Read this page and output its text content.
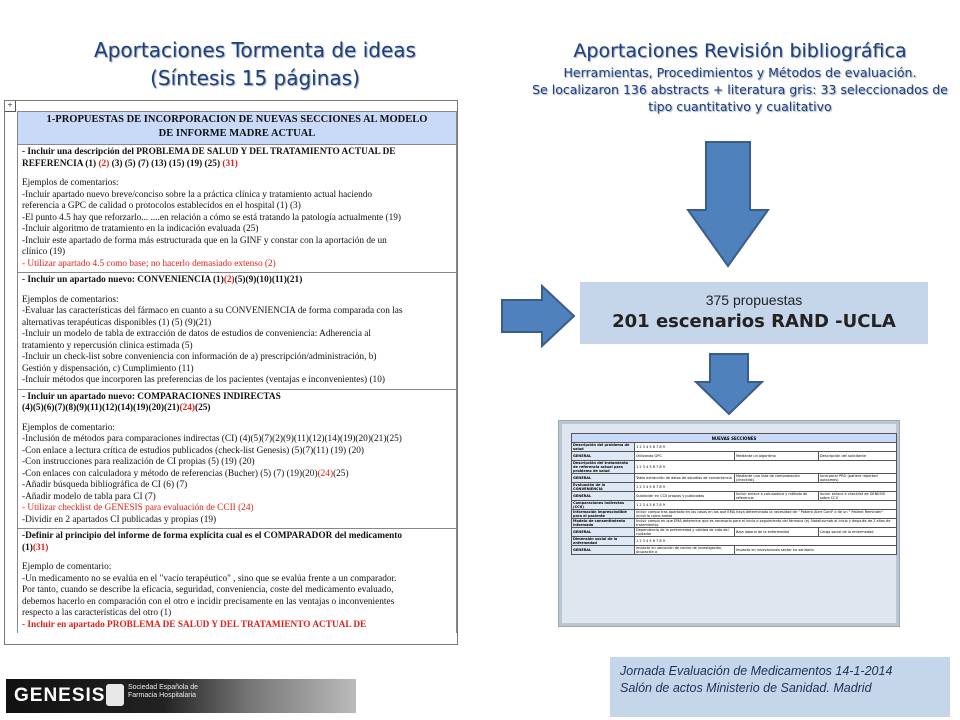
Aportaciones Tormenta de ideas
(Síntesis 15 páginas)
Aportaciones Revisión bibliográfica
Herramientas, Procedimientos y Métodos de evaluación.
Se localizaron 136 abstracts + literatura gris: 33 seleccionados de
tipo cuantitativo y cualitativo
+
1-PROPUESTAS DE INCORPORACION DE NUEVAS SECCIONES AL MODELO
DE INFORME MADRE ACTUAL
- Incluir una descripción del PROBLEMA DE SALUD Y DEL TRATAMIENTO ACTUAL DE
REFERENCIA (1) (2) (3) (5) (7) (13) (15) (19) (25) (31)
Ejemplos de comentarios:
-Incluir apartado nuevo breve/conciso sobre la a práctica clínica y tratamiento actual haciendo
referencia a GPC de calidad o protocolos establecidos en el hospital (1) (3)
-El punto 4.5 hay que reforzarlo... ....en relación a cómo se está tratando la patología actualmente (19)
-Incluir algoritmo de tratamiento en la indicación evaluada (25)
-Incluir este apartado de forma más estructurada que en la GINF y constar con la aportación de un
clínico (19)
- Utilizar apartado 4.5 como base; no hacerlo demasiado extenso (2)
- Incluir un apartado nuevo: CONVENIENCIA (1)(2)(5)(9)(10)(11)(21)
Ejemplos de comentarios:
-Evaluar las características del fármaco en cuanto a su CONVENIENCIA de forma comparada con las
alternativas terapéuticas disponibles (1) (5) (9)(21)
-Incluir un modelo de tabla de extracción de datos de estudios de conveniencia: Adherencia al
tratamiento y repercusión clínica estimada (5)
-Incluir un check-list sobre conveniencia con información de a) prescripción/administración, b)
Gestión y dispensación, c) Cumplimiento (11)
-Incluir métodos que incorporen las preferencias de los pacientes (ventajas e inconvenientes) (10)
- Incluir un apartado nuevo: COMPARACIONES INDIRECTAS
(4)(5)(6)(7)(8)(9)(11)(12)(14)(19)(20)(21)(24)(25)
Ejemplos de comentario:
-Inclusión de métodos para comparaciones indirectas (CI) (4)(5)(7)(2)(9)(11)(12)(14)(19)(20)(21)(25)
-Con enlace a lectura crítica de estudios publicados (check-list Genesis) (5)(7)(11) (19) (20)
-Con instrucciones para realización de CI propias (5) (19) (20)
-Con enlaces con calculadora y método de referencias (Bucher) (5) (7) (19)(20)(24)(25)
-Añadir búsqueda bibliográfica de CI (6) (7)
-Añadir modelo de tabla para CI (7)
- Utilizar checklist de GENESIS para evaluación de CCII (24)
-Dividir en 2 apartados CI publicadas y propias (19)
-Definir al principio del informe de forma explícita cual es el COMPARADOR del medicamento
(1)(31)
Ejemplo de comentario:
-Un medicamento no se evalúa en el "vacío terapéutico" , sino que se evalúa frente a un comparador.
Por tanto, cuando se describe la eficacia, seguridad, conveniencia, coste del medicamento evaluado,
debemos hacerlo en comparación con el otro e incidir precisamente en las ventajas o inconvenientes
respecto a las características del otro (1)
- Incluir en apartado PROBLEMA DE SALUD Y DEL TRATAMIENTO ACTUAL DE
375 propuestas
201 escenarios RAND -UCLA
NUEVAS SECCIONES			
Descripción del problema de salud	1 2 3 4 5 6 7 8 9		
GENERAL	Utilizando GPC	Mediante un algoritmo	Descripción del solicitante
Descripción del tratamiento de referencia actual para problema de salud	1 2 3 4 5 6 7 8 9		
GENERAL	Tabla extracción de datos de estudios de conveniencia	Mediante una lista de comprobación (checklist)	Incorporar PRO (patient reported outcomes)
Evaluación de la CONVENIENCIA	1 2 3 4 5 6 7 8 9		
GENERAL	Subdividir en CCII propias y publicadas	Incluir enlace a calculadora y método de referencia	Incluir enlace a checklist de GENESIS sobre CCII
Comparaciones indirectas (CCII)	1 2 3 4 5 6 7 8 9		
Información imprescindible para el paciente	Incluir campo tras apartado en los casos en los que EMA haya determinado la necesidad de " Patient Alert Card" o de un " Patient Reminder" incluirlo como anexo		
Modelo de consentimiento informado	Incluir campo en que EMA determine que es necesario para el inicio o seguimiento del fármaco (ej. Natalizumab al inicio y después de 2 años de tratamiento).		
GENERAL	Dependencia de la enfermedad y calidad de vida del cuidador	Baja laboral de la enfermedad	Carga social de la enfermedad
Dimensión social de la enfermedad	1 2 3 4 5 6 7 8 9		
GENERAL	Impacto en ubicación de centro de investigación, ocupación o	Impacto en innovaciones sector no sanitario	
GENESIS	Sociedad Española de
Farmacia Hospitalaria
Jornada Evaluación de Medicamentos 14-1-2014
Salón de actos Ministerio de Sanidad. Madrid
